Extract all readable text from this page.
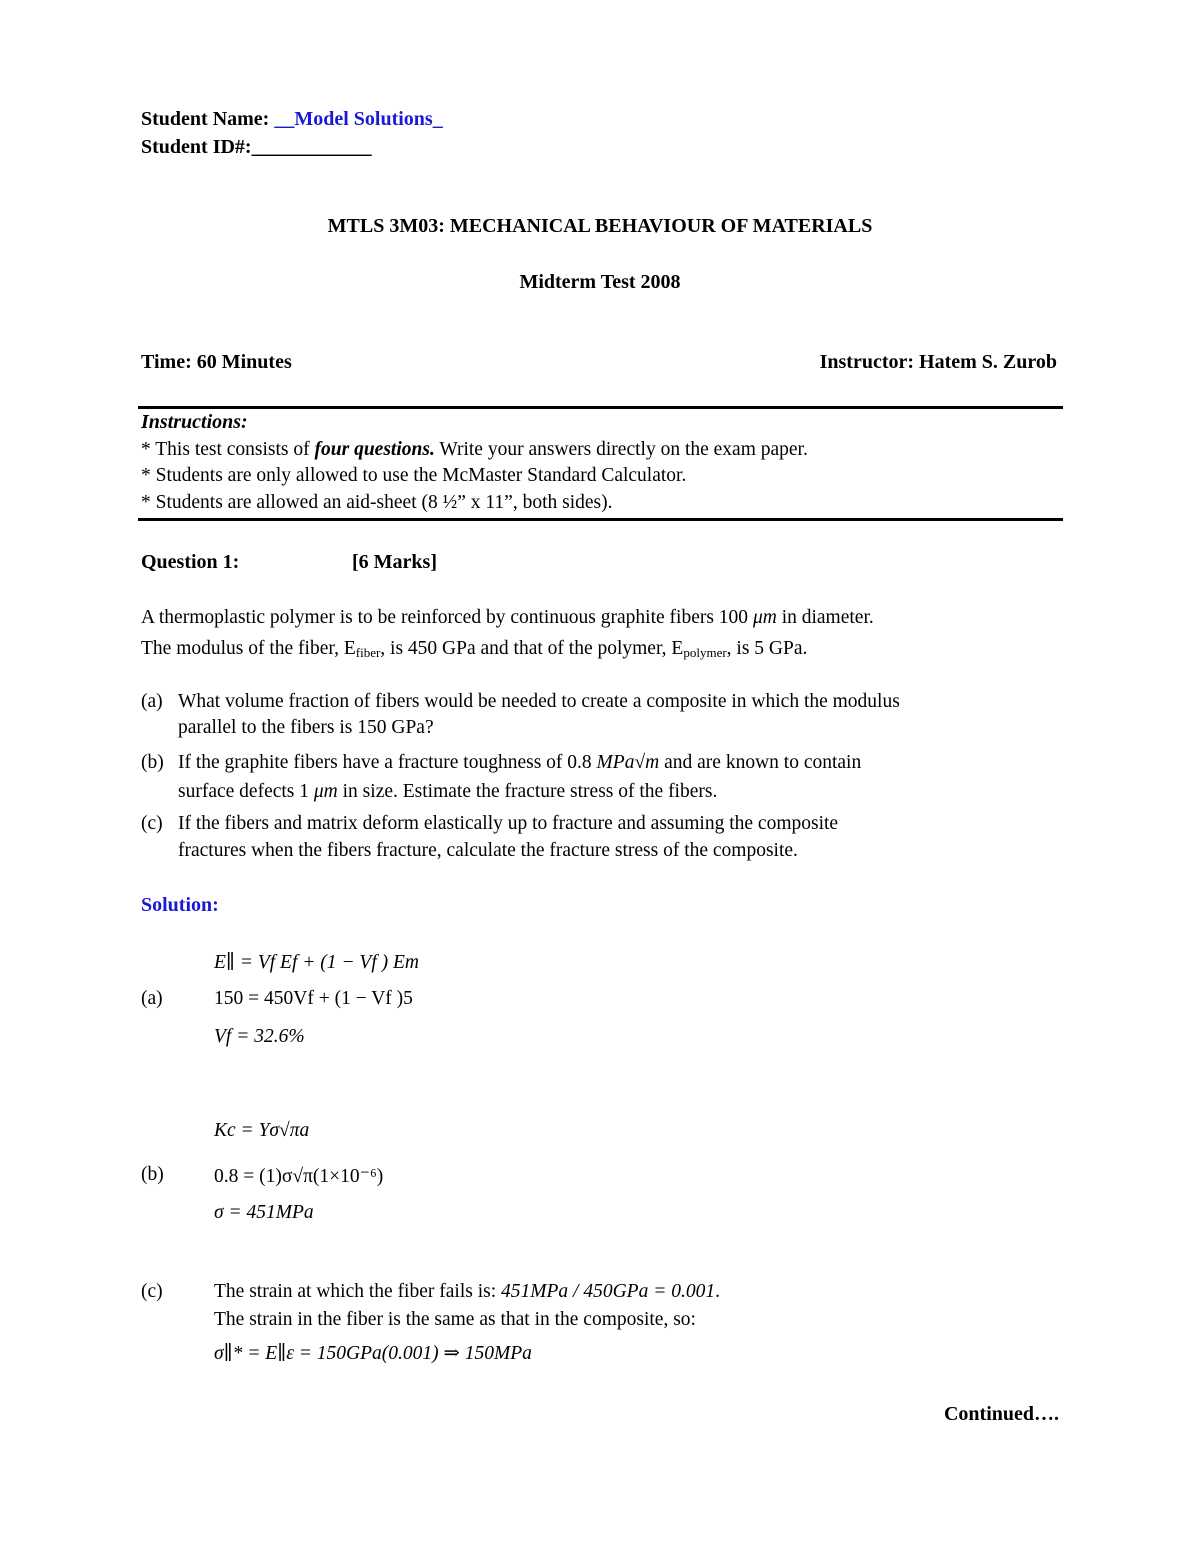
Student Name: __Model Solutions_
Student ID#:____________
MTLS 3M03: MECHANICAL BEHAVIOUR OF MATERIALS
Midterm Test 2008
Time: 60 Minutes	Instructor: Hatem S. Zurob
Instructions:
* This test consists of four questions. Write your answers directly on the exam paper.
* Students are only allowed to use the McMaster Standard Calculator.
* Students are allowed an aid-sheet (8 ½” x 11”, both sides).
Question 1:	[6 Marks]
A thermoplastic polymer is to be reinforced by continuous graphite fibers 100 μm in diameter.
The modulus of the fiber, Efiber, is 450 GPa and that of the polymer, Epolymer, is 5 GPa.
(a) What volume fraction of fibers would be needed to create a composite in which the modulus
parallel to the fibers is 150 GPa?
(b) If the graphite fibers have a fracture toughness of 0.8 MPa√m and are known to contain
surface defects 1 μm in size. Estimate the fracture stress of the fibers.
(c) If the fibers and matrix deform elastically up to fracture and assuming the composite
fractures when the fibers fracture, calculate the fracture stress of the composite.
Solution:
E∥ = Vf Ef + (1 − Vf ) Em
(a)	150 = 450Vf + (1 − Vf )5
Vf = 32.6%
Kc = Yσ√πa
(b)	0.8 = (1)σ√π(1×10⁻⁶)
σ = 451MPa
(c)	The strain at which the fiber fails is: 451MPa / 450GPa = 0.001.
The strain in the fiber is the same as that in the composite, so:
σ∥* = E∥ε = 150GPa(0.001) ⇒ 150MPa
Continued….
